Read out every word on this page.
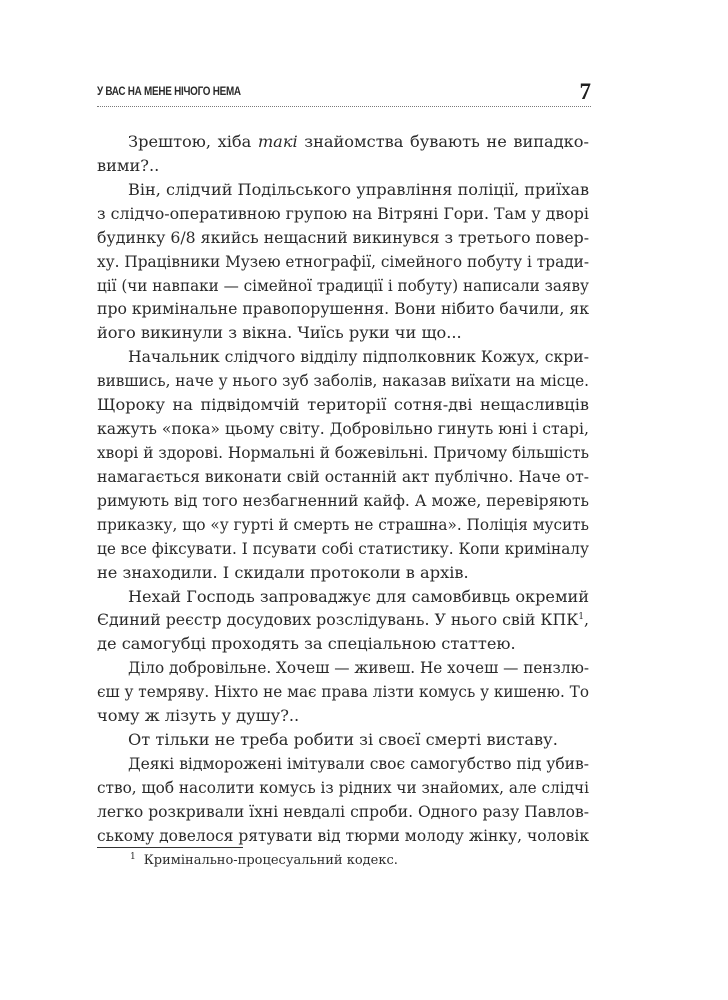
У ВАС НА МЕНЕ НІЧОГО НЕМА	7
Зрештою, хіба такі знайомства бувають не випадко-
вими?..
Він, слідчий Подільського управління поліції, приїхав
з слідчо-оперативною групою на Вітряні Гори. Там у дворі
будинку 6/8 якийсь нещасний викинувся з третього повер-
ху. Працівники Музею етнографії, сімейного побуту і тради-
ції (чи навпаки — сімейної традиції і побуту) написали заяву
про кримінальне правопорушення. Вони нібито бачили, як
його викинули з вікна. Чиїсь руки чи що...
Начальник слідчого відділу підполковник Кожух, скри-
вившись, наче у нього зуб заболів, наказав виїхати на місце.
Щороку на підвідомчій території сотня-дві нещасливців
кажуть «пока» цьому світу. Добровільно гинуть юні і старі,
хворі й здорові. Нормальні й божевільні. Причому більшість
намагається виконати свій останній акт публічно. Наче от-
римують від того незбагненний кайф. А може, перевіряють
приказку, що «у гурті й смерть не страшна». Поліція мусить
це все фіксувати. І псувати собі статистику. Копи криміналу
не знаходили. І скидали протоколи в архів.
Нехай Господь запроваджує для самовбивць окремий
Єдиний реєстр досудових розслідувань. У нього свій КПК$^1$,
де самогубці проходять за спеціальною статтею.
Діло добровільне. Хочеш — живеш. Не хочеш — пензлю-
єш у темряву. Ніхто не має права лізти комусь у кишеню. То
чому ж лізуть у душу?..
От тільки не треба робити зі своєї смерті виставу.
Деякі відморожені імітували своє самогубство під убив-
ство, щоб насолити комусь із рідних чи знайомих, але слідчі
легко розкривали їхні невдалі спроби. Одного разу Павлов-
ському довелося рятувати від тюрми молоду жінку, чоловік
$^1$ Кримінально-процесуальний кодекс.
